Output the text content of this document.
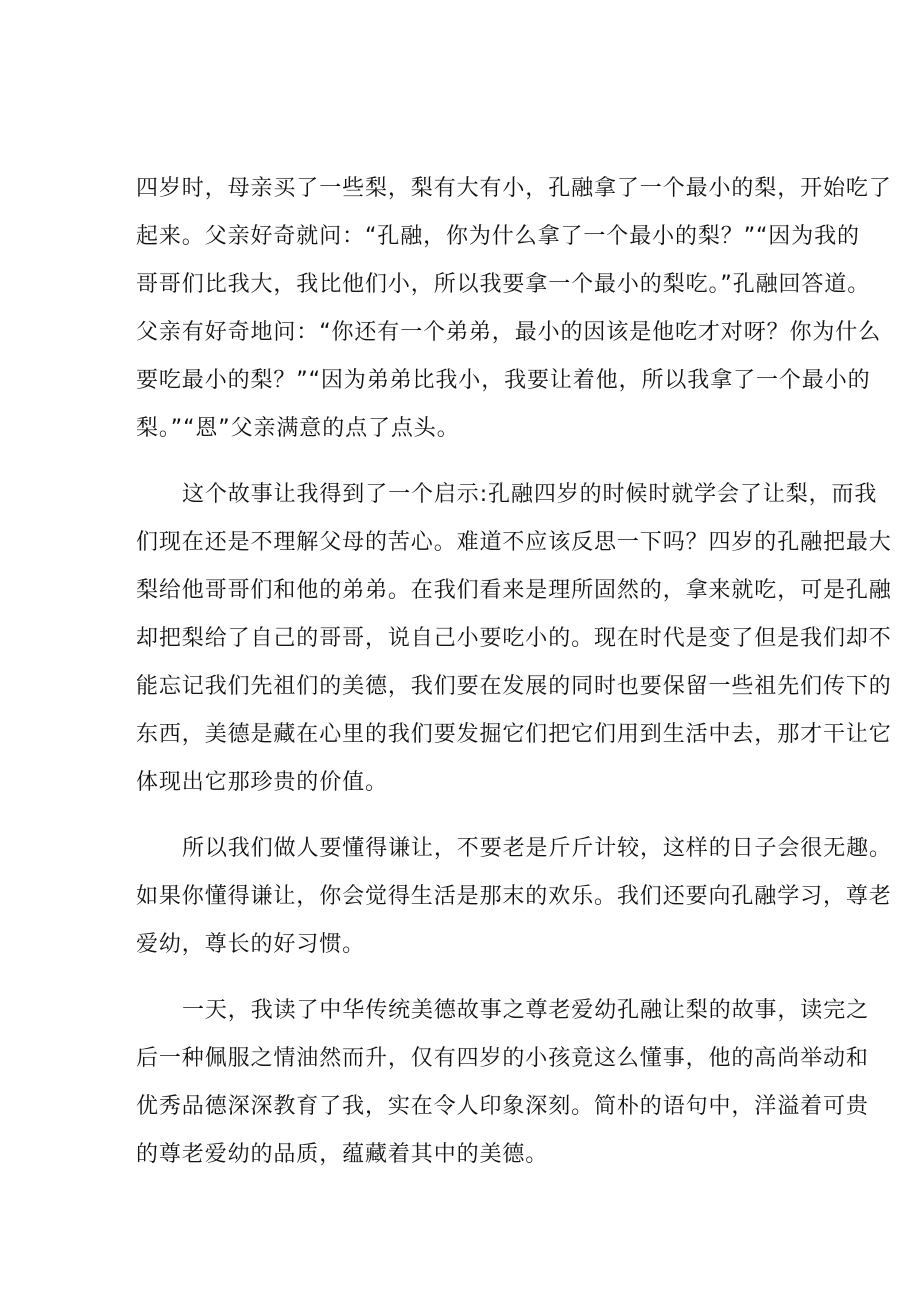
四岁时，母亲买了一些梨，梨有大有小，孔融拿了一个最小的梨，开始吃了
起来。父亲好奇就问：“孔融，你为什么拿了一个最小的梨？”“因为我的
哥哥们比我大，我比他们小，所以我要拿一个最小的梨吃。”孔融回答道。
父亲有好奇地问：“你还有一个弟弟，最小的因该是他吃才对呀？你为什么
要吃最小的梨？”“因为弟弟比我小，我要让着他，所以我拿了一个最小的
梨。”“恩”父亲满意的点了点头。
这个故事让我得到了一个启示:孔融四岁的时候时就学会了让梨，而我
们现在还是不理解父母的苦心。难道不应该反思一下吗？四岁的孔融把最大
梨给他哥哥们和他的弟弟。在我们看来是理所固然的，拿来就吃，可是孔融
却把梨给了自己的哥哥，说自己小要吃小的。现在时代是变了但是我们却不
能忘记我们先祖们的美德，我们要在发展的同时也要保留一些祖先们传下的
东西，美德是藏在心里的我们要发掘它们把它们用到生活中去，那才干让它
体现出它那珍贵的价值。
所以我们做人要懂得谦让，不要老是斤斤计较，这样的日子会很无趣。
如果你懂得谦让，你会觉得生活是那末的欢乐。我们还要向孔融学习，尊老
爱幼，尊长的好习惯。
一天，我读了中华传统美德故事之尊老爱幼孔融让梨的故事，读完之
后一种佩服之情油然而升，仅有四岁的小孩竟这么懂事，他的高尚举动和
优秀品德深深教育了我，实在令人印象深刻。简朴的语句中，洋溢着可贵
的尊老爱幼的品质，蕴藏着其中的美德。
